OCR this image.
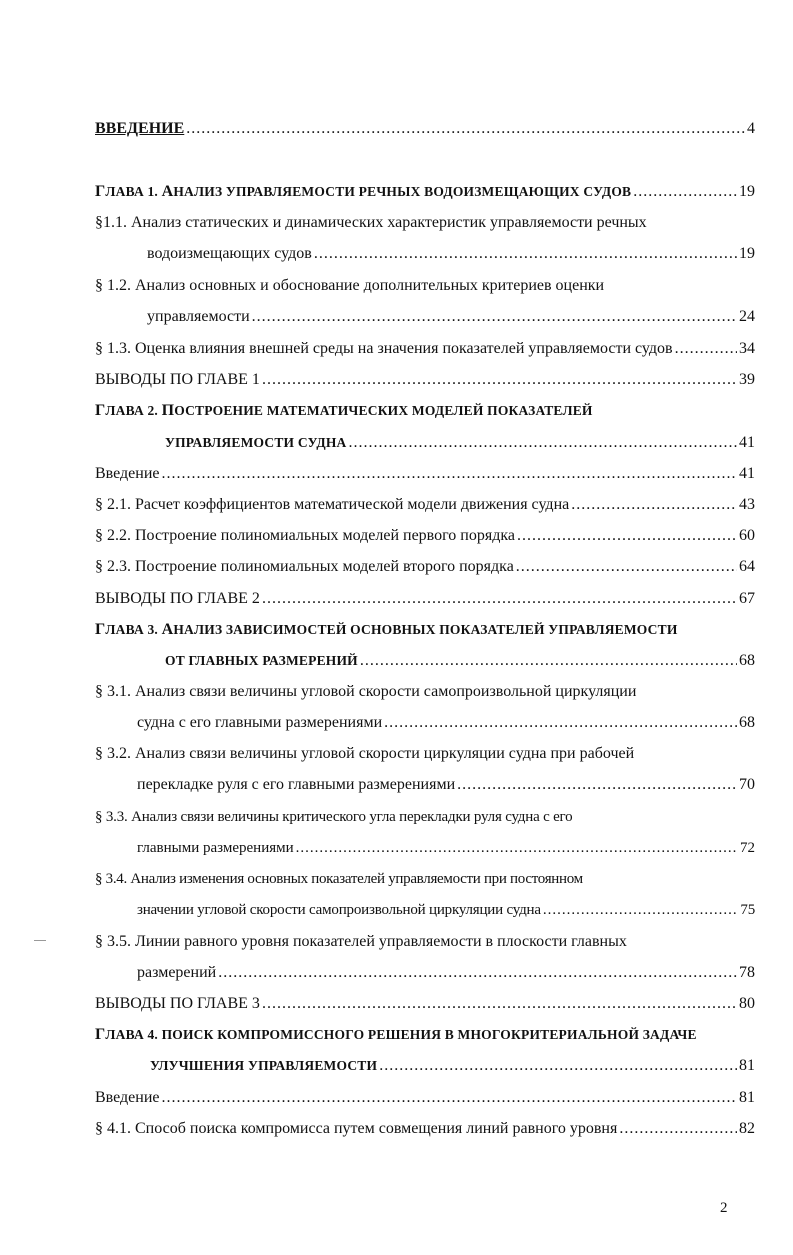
ВВЕДЕНИЕ .....	4
ГЛАВА 1. АНАЛИЗ УПРАВЛЯЕМОСТИ РЕЧНЫХ ВОДОИЗМЕЩАЮЩИХ СУДОВ .....	19
§1.1. Анализ статических и динамических характеристик управляемости речных
водоизмещающих судов .....	19
§ 1.2. Анализ основных и обоснование дополнительных критериев оценки
управляемости .....	24
§ 1.3. Оценка влияния внешней среды на значения показателей управляемости судов .....	34
ВЫВОДЫ ПО ГЛАВЕ 1 .....	39
ГЛАВА 2. ПОСТРОЕНИЕ МАТЕМАТИЧЕСКИХ МОДЕЛЕЙ ПОКАЗАТЕЛЕЙ
УПРАВЛЯЕМОСТИ СУДНА .....	41
Введение .....	41
§ 2.1. Расчет коэффициентов математической модели движения судна .....	43
§ 2.2. Построение полиномиальных моделей первого порядка .....	60
§ 2.3. Построение полиномиальных моделей второго порядка .....	64
ВЫВОДЫ ПО ГЛАВЕ 2 .....	67
ГЛАВА 3. АНАЛИЗ ЗАВИСИМОСТЕЙ ОСНОВНЫХ ПОКАЗАТЕЛЕЙ УПРАВЛЯЕМОСТИ
ОТ ГЛАВНЫХ РАЗМЕРЕНИЙ .....	68
§ 3.1. Анализ связи величины угловой скорости самопроизвольной циркуляции
судна с его главными размерениями .....	68
§ 3.2. Анализ связи величины угловой скорости циркуляции судна при рабочей
перекладке руля с его главными размерениями .....	70
§ 3.3. Анализ связи величины критического угла перекладки руля судна с его
главными размерениями .....	72
§ 3.4. Анализ изменения основных показателей управляемости при постоянном
значении угловой скорости самопроизвольной циркуляции судна .....	75
§ 3.5. Линии равного уровня показателей управляемости в плоскости главных
размерений .....	78
ВЫВОДЫ ПО ГЛАВЕ 3 .....	80
ГЛАВА 4. ПОИСК КОМПРОМИССНОГО РЕШЕНИЯ В МНОГОКРИТЕРИАЛЬНОЙ ЗАДАЧЕ
УЛУЧШЕНИЯ УПРАВЛЯЕМОСТИ .....	81
Введение .....	81
§ 4.1. Способ поиска компромисса путем совмещения линий равного уровня .....	82
2
